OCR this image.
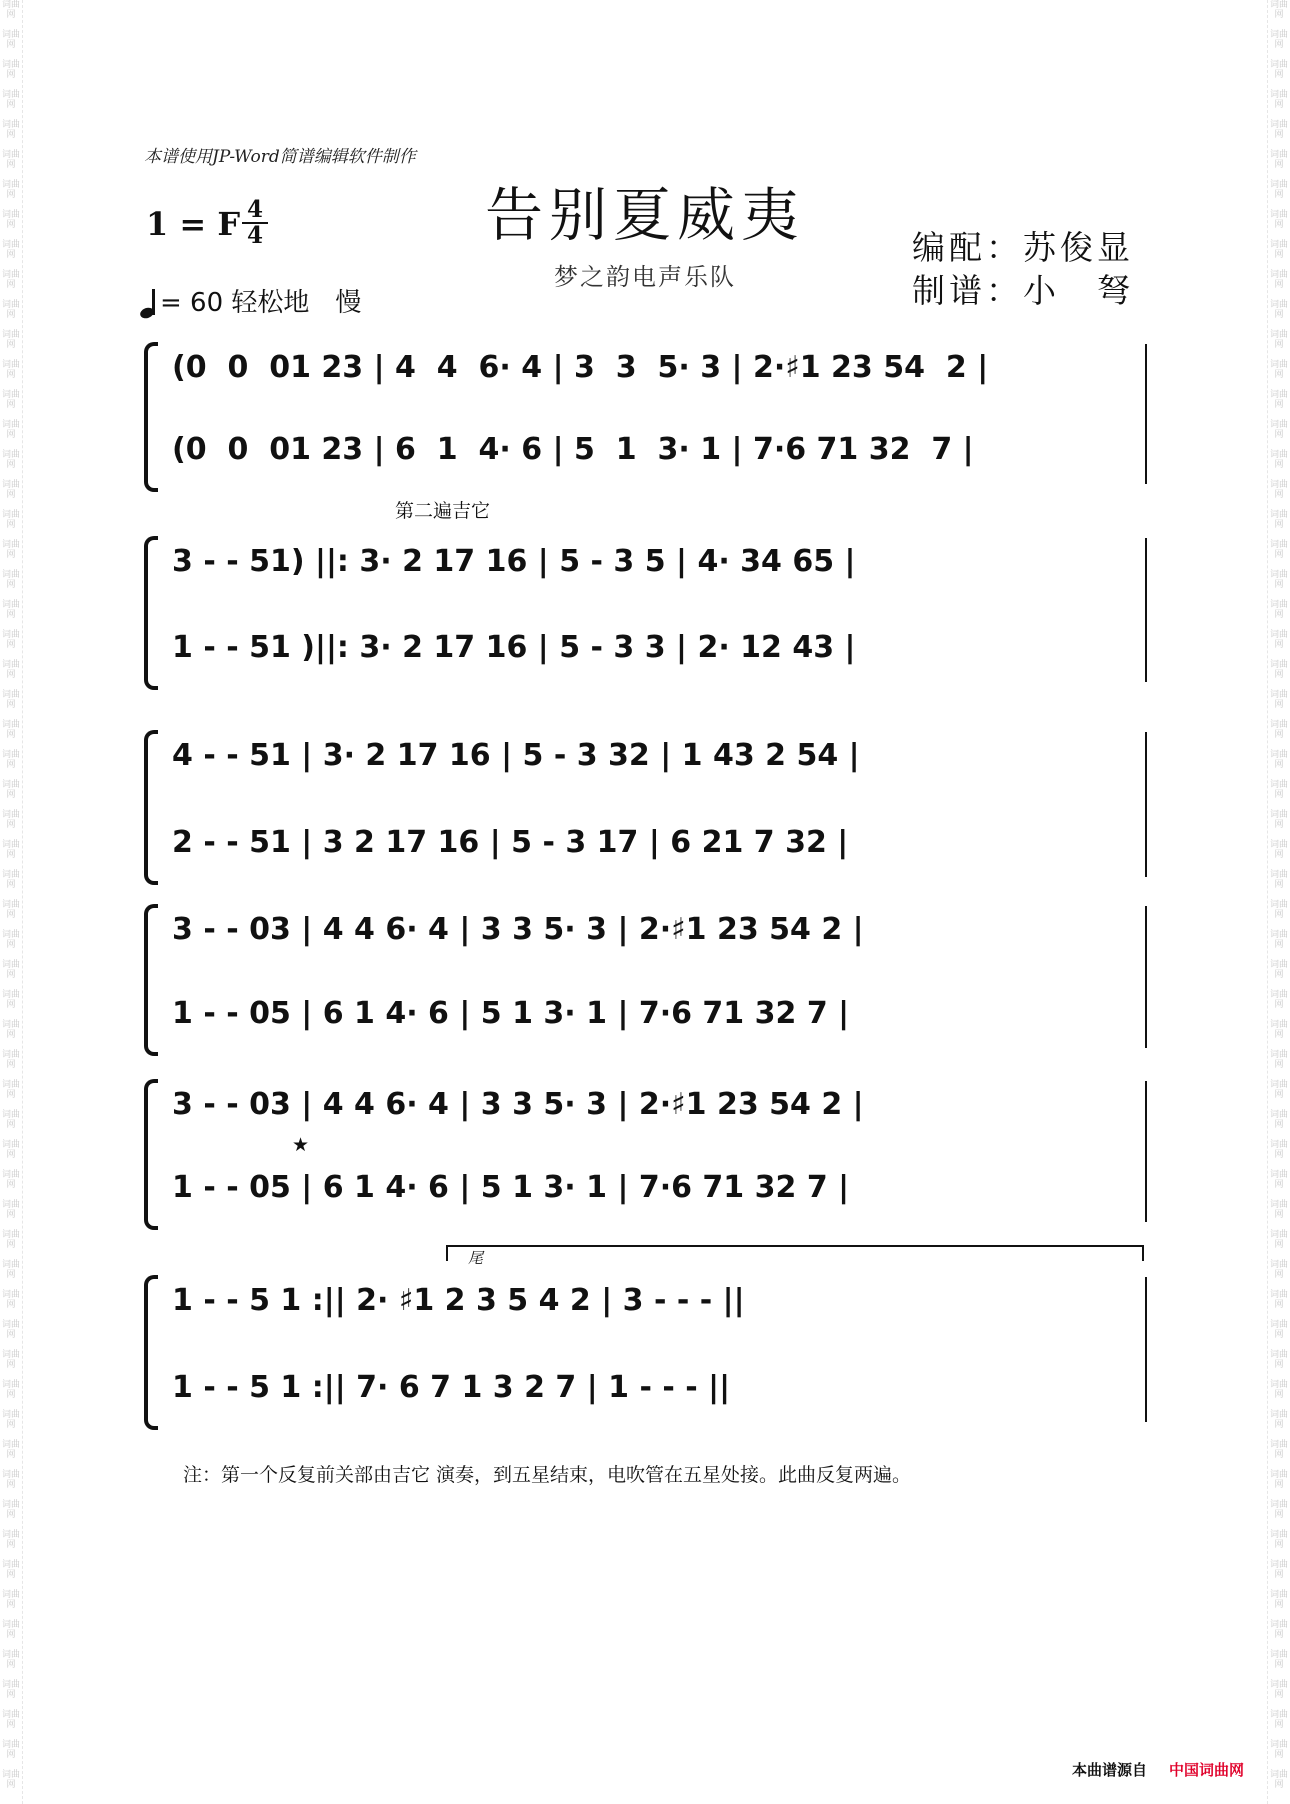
词曲网

词曲网

词曲网

词曲网

词曲网

词曲网

词曲网

词曲网

词曲网

词曲网

词曲网

词曲网

词曲网

词曲网

词曲网

词曲网

词曲网

词曲网

词曲网

词曲网

词曲网

词曲网

词曲网

词曲网

词曲网

词曲网

词曲网

词曲网

词曲网

词曲网

词曲网

词曲网

词曲网

词曲网

词曲网

词曲网

词曲网

词曲网

词曲网

词曲网

词曲网

词曲网

词曲网

词曲网

词曲网

词曲网

词曲网

词曲网

词曲网

词曲网

词曲网

词曲网

词曲网

词曲网

词曲网

词曲网

词曲网

词曲网

词曲网

词曲网

词曲网

词曲网

词曲网

词曲网

词曲网

词曲网

词曲网

词曲网

词曲网

词曲网

词曲网

词曲网

词曲网

词曲网

词曲网

词曲网

词曲网

词曲网

词曲网

词曲网

词曲网

词曲网

词曲网

词曲网

词曲网

词曲网

词曲网

词曲网

词曲网

词曲网

词曲网

词曲网

词曲网

词曲网

词曲网

词曲网

词曲网

词曲网

词曲网

词曲网

词曲网

词曲网

词曲网

词曲网

词曲网

词曲网

词曲网

词曲网

词曲网

词曲网

词曲网

词曲网

词曲网

词曲网

词曲网

词曲网

词曲网

词曲网

词曲网

词曲网

本谱使用JP-Word简谱编辑软件制作
1 = F 4
4
= 60 轻松地　慢
告别夏威夷
梦之韵电声乐队
编配：苏俊显
制谱：小　弩
(0  0  01 23 | 4  4  6· 4 | 3  3  5· 3 | 2·♯1 23 54  2 |
(0  0  01 23 | 6  1  4· 6 | 5  1  3· 1 | 7·6 71 32  7 |
3 - - 51) ||: 3· 2 17 16 | 5 - 3 5 | 4· 34 65 |
1 - - 51 )||: 3· 2 17 16 | 5 - 3 3 | 2· 12 43 |
第二遍吉它
4 - - 51 | 3· 2 17 16 | 5 - 3 32 | 1 43 2 54 |
2 - - 51 | 3 2 17 16 | 5 - 3 17 | 6 21 7 32 |
3 - - 03 | 4 4 6· 4 | 3 3 5· 3 | 2·♯1 23 54 2 |
1 - - 05 | 6 1 4· 6 | 5 1 3· 1 | 7·6 71 32 7 |
3 - - 03 | 4 4 6· 4 | 3 3 5· 3 | 2·♯1 23 54 2 |
1 - - 05 | 6 1 4· 6 | 5 1 3· 1 | 7·6 71 32 7 |
★
1 - - 5 1 :|| 2· ♯1 2 3 5 4 2 | 3 - - - ||
1 - - 5 1 :|| 7· 6 7 1 3 2 7 | 1 - - - ||
尾
注：第一个反复前关部由吉它 演奏，到五星结束，电吹管在五星处接。此曲反复两遍。
本曲谱源自 中国词曲网
